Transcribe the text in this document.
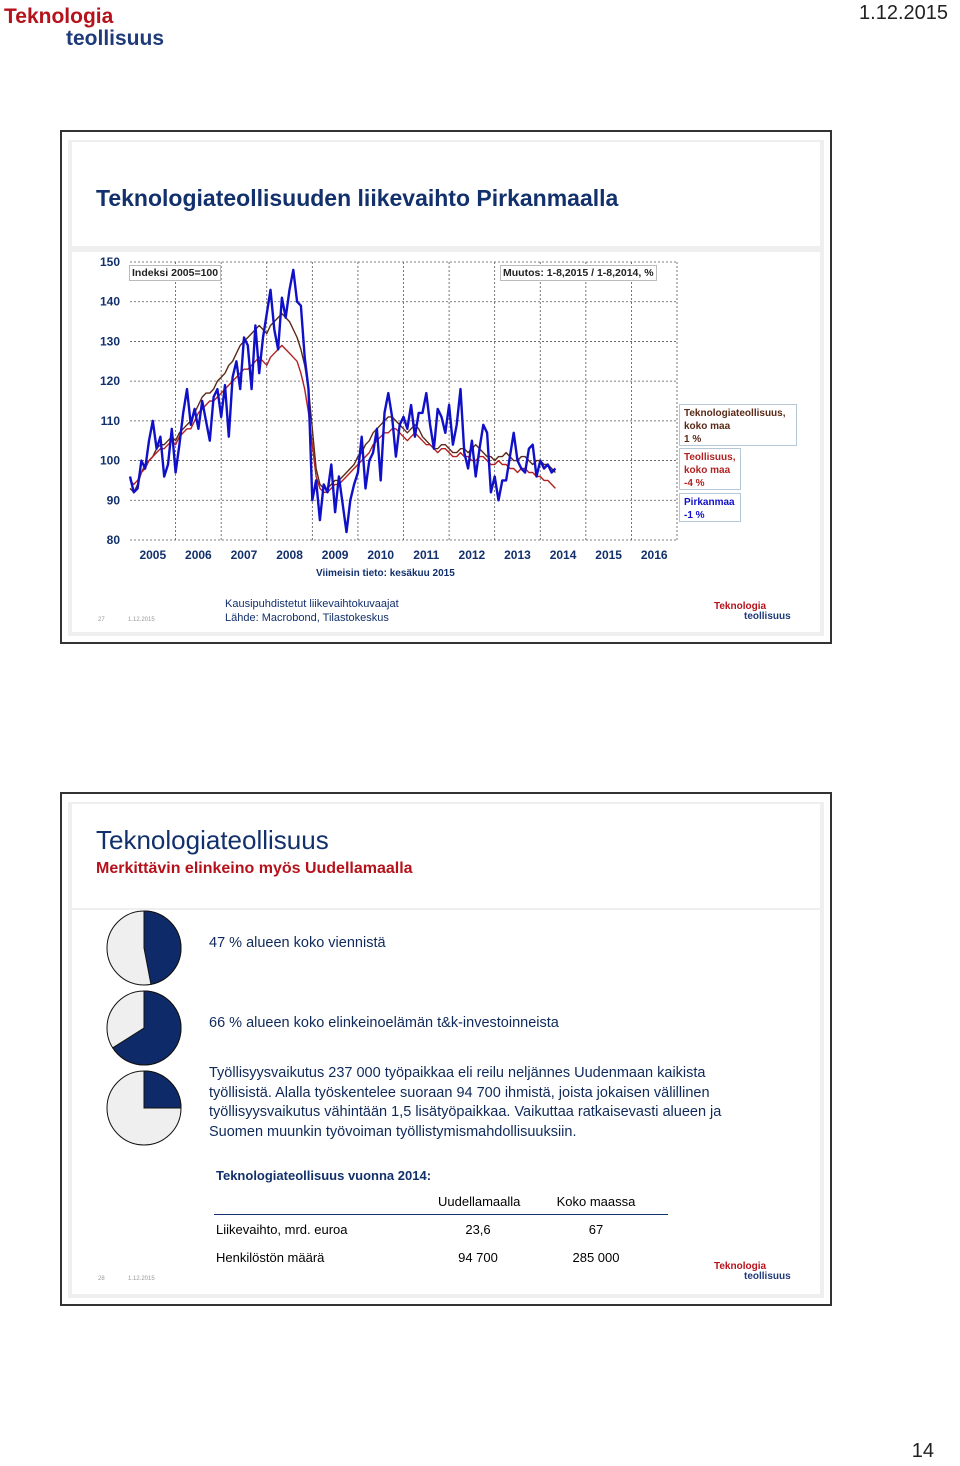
Teknologia
teollisuus
1.12.2015
Teknologiateollisuuden liikevaihto Pirkanmaalla
150
140
130
120
110
100
90
80
2005 2006 2007 2008 2009 2010 2011 2012 2013 2014 2015 2016
Indeksi 2005=100	Muutos: 1-8,2015 / 1-8,2014, %
Teknologiateollisuus,
koko maa
1 %
Teollisuus,
koko maa
-4 %
Pirkanmaa
-1 %
Viimeisin tieto: kesäkuu 2015
27	1.12.2015
Kausipuhdistetut liikevaihtokuvaajat
Lähde: Macrobond, Tilastokeskus
Teknologia
teollisuus
Teknologiateollisuus
Merkittävin elinkeino myös Uudellamaalla
47 % alueen koko viennistä
66 % alueen koko elinkeinoelämän t&k-investoinneista
Työllisyysvaikutus 237 000 työpaikkaa eli reilu neljännes Uudenmaan kaikista
työllisistä. Alalla työskentelee suoraan 94 700 ihmistä, joista jokaisen välillinen
työllisyysvaikutus vähintään 1,5 lisätyöpaikkaa. Vaikuttaa ratkaisevasti alueen ja
Suomen muunkin työvoiman työllistymismahdollisuuksiin.
Teknologiateollisuus vuonna 2014:
Uudellamaalla	Koko maassa
Liikevaihto, mrd. euroa	23,6	67
Henkilöstön määrä	94 700	285 000
28	1.12.2015
Teknologia
teollisuus
14
